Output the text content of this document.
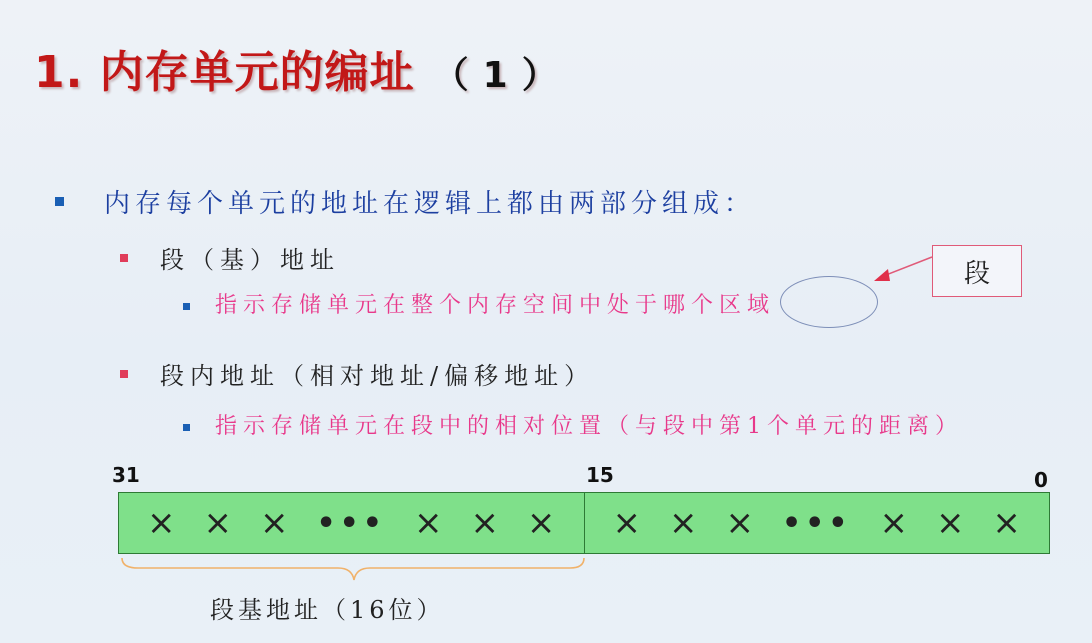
1. 内存单元的编址 （1）
内存每个单元的地址在逻辑上都由两部分组成：
段（基）地址
指示存储单元在整个内存空间中处于哪个区域
段内地址（相对地址/偏移地址）
指示存储单元在段中的相对位置（与段中第1个单元的距离）
段
31	15	0
× × × ••• × × × × × × ••• × × ×
段基地址（16位）
